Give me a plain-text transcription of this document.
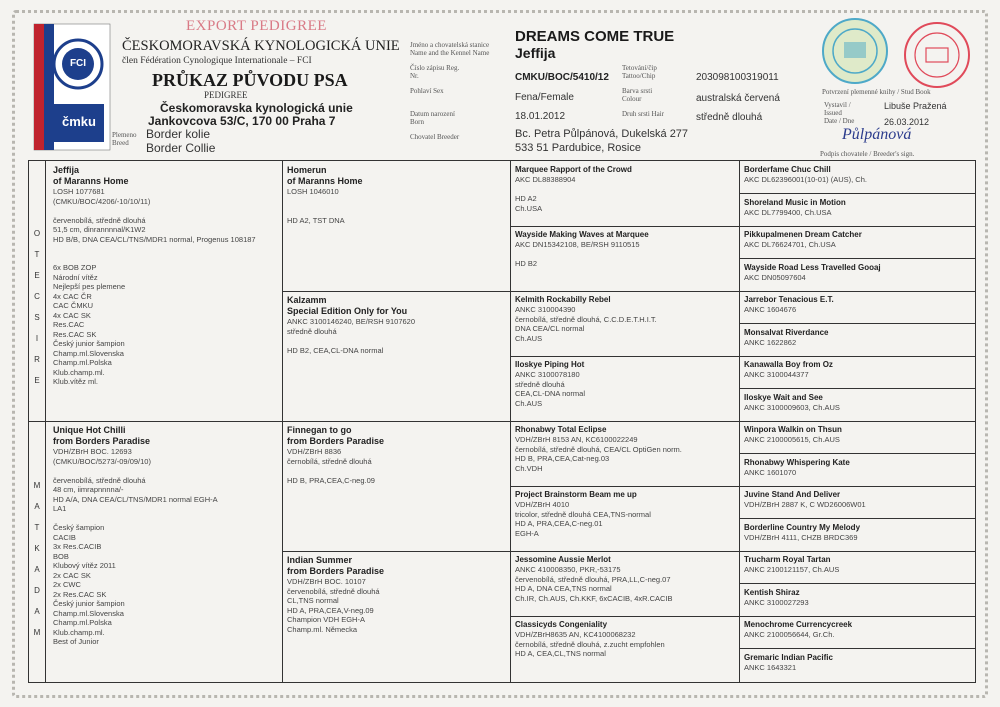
FCI
čmku
EXPORT PEDIGREE
ČESKOMORAVSKÁ KYNOLOGICKÁ UNIE
člen Fédération Cynologique Internationale – FCI
PRŮKAZ PŮVODU PSA
PEDIGREE
Českomoravska kynologická unie
Jankovcova 53/C, 170 00 Praha 7
Plemeno Breed
Border kolie
Border Collie
Jméno a chovatelská stanice Name and the Kennel Name
Číslo zápisu Reg. Nr.
Pohlaví Sex
Datum narození Born
Chovatel Breeder
DREAMS COME TRUE
Jeffija
CMKU/BOC/5410/12
Fena/Female
18.01.2012
Bc. Petra Půlpánová, Dukelská 277
533 51 Pardubice, Rosice
Tetování/čip Tattoo/Chip
Barva srsti Colour
Druh srsti Hair
203098100319011
australská červená
středně dlouhá
Potvrzení plemenné knihy / Stud Book
Vystavil / Issued
Libuše Pražená
Date / Dne	26.03.2012
Půlpánová
Podpis chovatele / Breeder's sign.
O
T
E
C
S
I
R
E
M
A
T
K
A
D
A
M
Jeffija
of Maranns Home
LOSH 1077681
(CMKU/BOC/4206/-10/10/11)

červenobílá, středně dlouhá
51,5 cm, dinrannnnal/K1W2
HD B/B, DNA CEA/CL/TNS/MDR1 normal, Progenus 108187

6x BOB ZOP
Národní vítěz
Nejlepší pes plemene
4x CAC ČR
CAC ČMKU
4x CAC SK
Res.CAC
Res.CAC SK
Český junior šampion
Champ.ml.Slovenska
Champ.ml.Polska
Klub.champ.ml.
Klub.vítěz ml.
Unique Hot Chilli
from Borders Paradise
VDH/ZBrH BOC. 12693
(CMKU/BOC/5273/-09/09/10)

červenobílá, středně dlouhá
48 cm, iimrapnnnna/-
HD A/A, DNA CEA/CL/TNS/MDR1 normal EGH-A
LA1

Český šampion
CACIB
3x Res.CACIB
BOB
Klubový vítěz 2011
2x CAC SK
2x CWC
2x Res.CAC SK
Český junior šampion
Champ.ml.Slovenska
Champ.ml.Polska
Klub.champ.ml.
Best of Junior
Homerun
of Maranns Home
LOSH 1046010

HD A2, TST DNA
Kalzamm
Special Edition Only for You
ANKC 3100146240, BE/RSH 9107620
středně dlouhá

HD B2, CEA,CL-DNA normal
Finnegan to go
from Borders Paradise
VDH/ZBrH 8836
černobílá, středně dlouhá

HD B, PRA,CEA,C-neg.09
Indian Summer
from Borders Paradise
VDH/ZBrH BOC. 10107
červenobílá, středně dlouhá
CL,TNS normal
HD A, PRA,CEA,V-neg.09
Champion VDH EGH-A
Champ.ml. Německa
Marquee Rapport of the Crowd
AKC DL88388904

HD A2
Ch.USA
Wayside Making Waves at Marquee
AKC DN15342108, BE/RSH 9110515

HD B2
Kelmith Rockabilly Rebel
ANKC 310004390
černobílá, středně dlouhá, C.C.D.E.T.H.I.T.
DNA CEA/CL normal
Ch.AUS
Iloskye Piping Hot
ANKC 3100078180
středně dlouhá
CEA,CL-DNA normal
Ch.AUS
Rhonabwy Total Eclipse
VDH/ZBrH 8153 AN, KC6100022249
černobílá, středně dlouhá, CEA/CL OptiGen norm.
HD B, PRA,CEA,Cat-neg.03
Ch.VDH
Project Brainstorm Beam me up
VDH/ZBrH 4010
tricolor, středně dlouhá CEA,TNS-normal
HD A, PRA,CEA,C-neg.01
EGH-A
Jessomine Aussie Merlot
ANKC 410008350, PKR,-53175
červenobílá, středně dlouhá, PRA,LL,C-neg.07
HD A, DNA CEA,TNS normal
Ch.IR, Ch.AUS, Ch.KKF, 6xCACIB, 4xR.CACIB
Classicyds Congeniality
VDH/ZBrH8635 AN, KC4100068232
černobílá, středně dlouhá, z.zucht empfohlen
HD A, CEA,CL,TNS normal
Borderfame Chuc Chill
AKC DL62396001(10-01) (AUS), Ch.
Shoreland Music in Motion
AKC DL7799400, Ch.USA
Pikkupalmenen Dream Catcher
AKC DL76624701, Ch.USA
Wayside Road Less Travelled Gooaj
AKC DN05097604
Jarrebor Tenacious E.T.
ANKC 1604676
Monsalvat Riverdance
ANKC 1622862
Kanawalla Boy from Oz
ANKC 3100044377
Iloskye Wait and See
ANKC 3100009603, Ch.AUS
Winpora Walkin on Thsun
ANKC 2100005615, Ch.AUS
Rhonabwy Whispering Kate
ANKC 1601070
Juvine Stand And Deliver
VDH/ZBrH 2887 K, C WD26006W01
Borderline Country My Melody
VDH/ZBrH 4111, CHZB BRDC369
Trucharm Royal Tartan
ANKC 2100121157, Ch.AUS
Kentish Shiraz
ANKC 3100027293
Menochrome Currencycreek
ANKC 2100056644, Gr.Ch.
Gremaric Indian Pacific
ANKC 1643321
